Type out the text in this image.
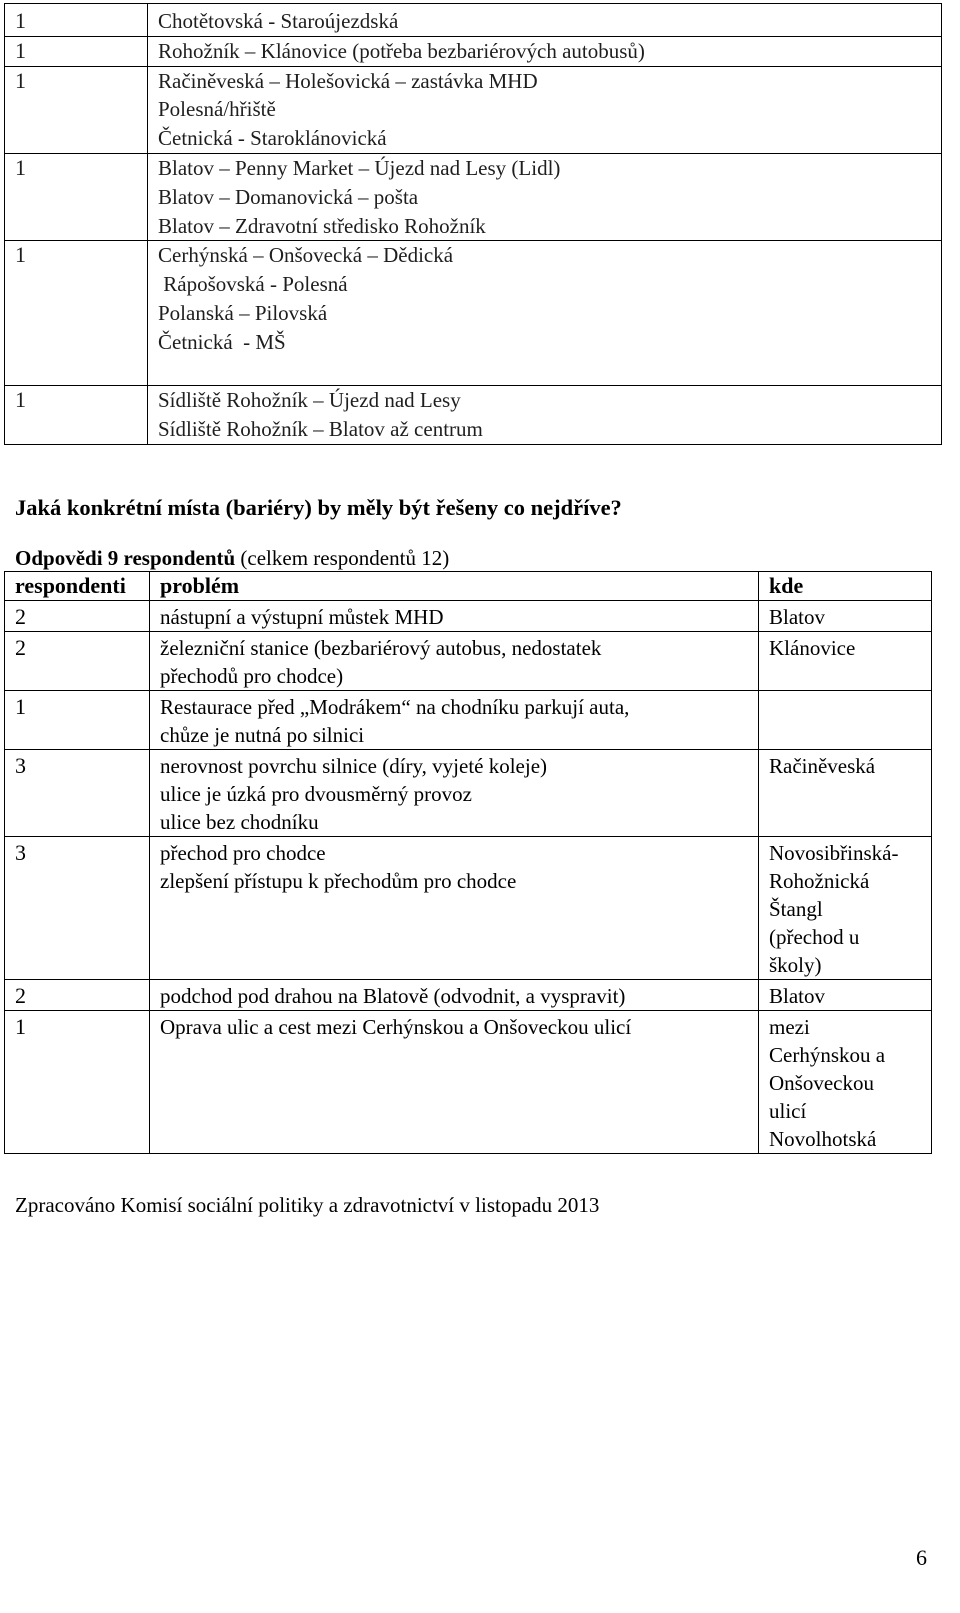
1	Chotětovská - Staroújezdská

1	Rohožník – Klánovice (potřeba bezbariérových autobusů)

1	Račiněveská – Holešovická – zastávka MHD
Polesná/hřiště
Četnická - Staroklánovická

1	Blatov – Penny Market – Újezd nad Lesy (Lidl)
Blatov – Domanovická – pošta
Blatov – Zdravotní středisko Rohožník

1	Cerhýnská – Onšovecká – Dědická
Rápošovská - Polesná
Polanská – Pilovská
Četnická  - MŠ

1	Sídliště Rohožník – Újezd nad Lesy
Sídliště Rohožník – Blatov až centrum

Jaká konkrétní místa (bariéry) by měly být řešeny co nejdříve?

Odpovědi 9 respondentů (celkem respondentů 12)
respondenti	problém	kde
2	nástupní a výstupní můstek MHD	Blatov

2	železniční stanice (bezbariérový autobus, nedostatek
přechodů pro chodce)	Klánovice

1	Restaurace před „Modrákem“ na chodníku parkují auta,
chůze je nutná po silnici	

3	nerovnost povrchu silnice (díry, vyjeté koleje)
ulice je úzká pro dvousměrný provoz
ulice bez chodníku	Račiněveská

3	přechod pro chodce
zlepšení přístupu k přechodům pro chodce	Novosibřinská-
Rohožnická
Štangl
(přechod u
školy)

2	podchod pod drahou na Blatově (odvodnit, a vyspravit)	Blatov

1	Oprava ulic a cest mezi Cerhýnskou a Onšoveckou ulicí	mezi
Cerhýnskou a
Onšoveckou
ulicí
Novolhotská
Zpracováno Komisí sociální politiky a zdravotnictví v listopadu 2013
6
